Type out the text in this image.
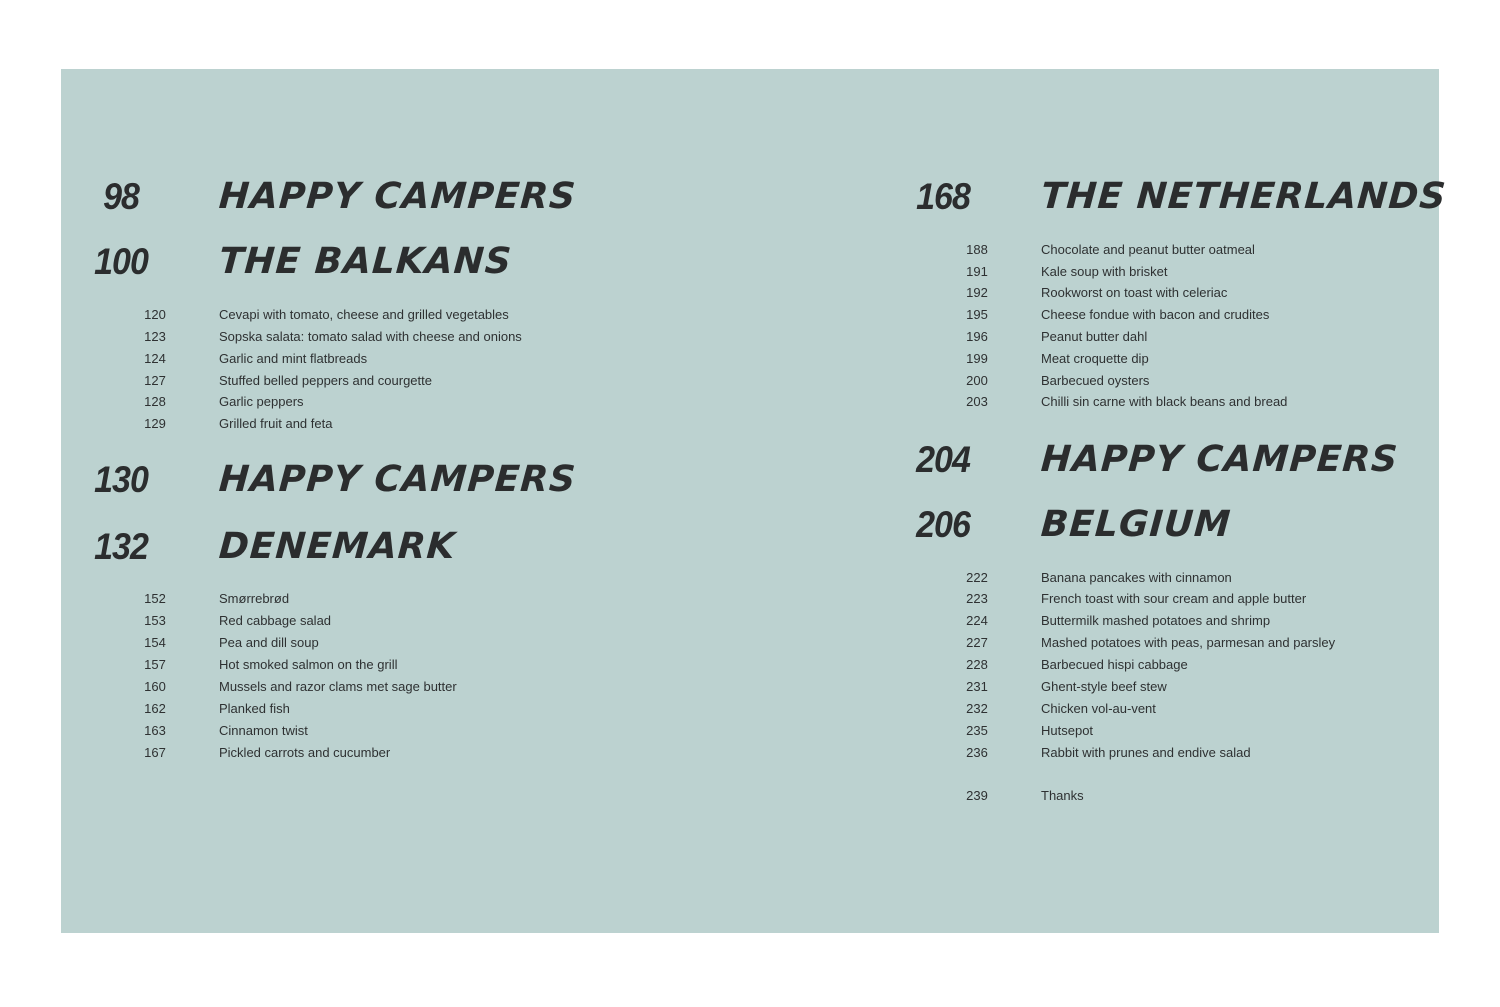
98	HAPPY CAMPERS
100	THE BALKANS
120	Cevapi with tomato, cheese and grilled vegetables
123	Sopska salata: tomato salad with cheese and onions
124	Garlic and mint flatbreads
127	Stuffed belled peppers and courgette
128	Garlic peppers
129	Grilled fruit and feta
130	HAPPY CAMPERS
132	DENEMARK
152	Smørrebrød
153	Red cabbage salad
154	Pea and dill soup
157	Hot smoked salmon on the grill
160	Mussels and razor clams met sage butter
162	Planked fish
163	Cinnamon twist
167	Pickled carrots and cucumber
168	THE NETHERLANDS
188	Chocolate and peanut butter oatmeal
191	Kale soup with brisket
192	Rookworst on toast with celeriac
195	Cheese fondue with bacon and crudites
196	Peanut butter dahl
199	Meat croquette dip
200	Barbecued oysters
203	Chilli sin carne with black beans and bread
204	HAPPY CAMPERS
206	BELGIUM
222	Banana pancakes with cinnamon
223	French toast with sour cream and apple butter
224	Buttermilk mashed potatoes and shrimp
227	Mashed potatoes with peas, parmesan and parsley
228	Barbecued hispi cabbage
231	Ghent-style beef stew
232	Chicken vol-au-vent
235	Hutsepot
236	Rabbit with prunes and endive salad
239	Thanks
